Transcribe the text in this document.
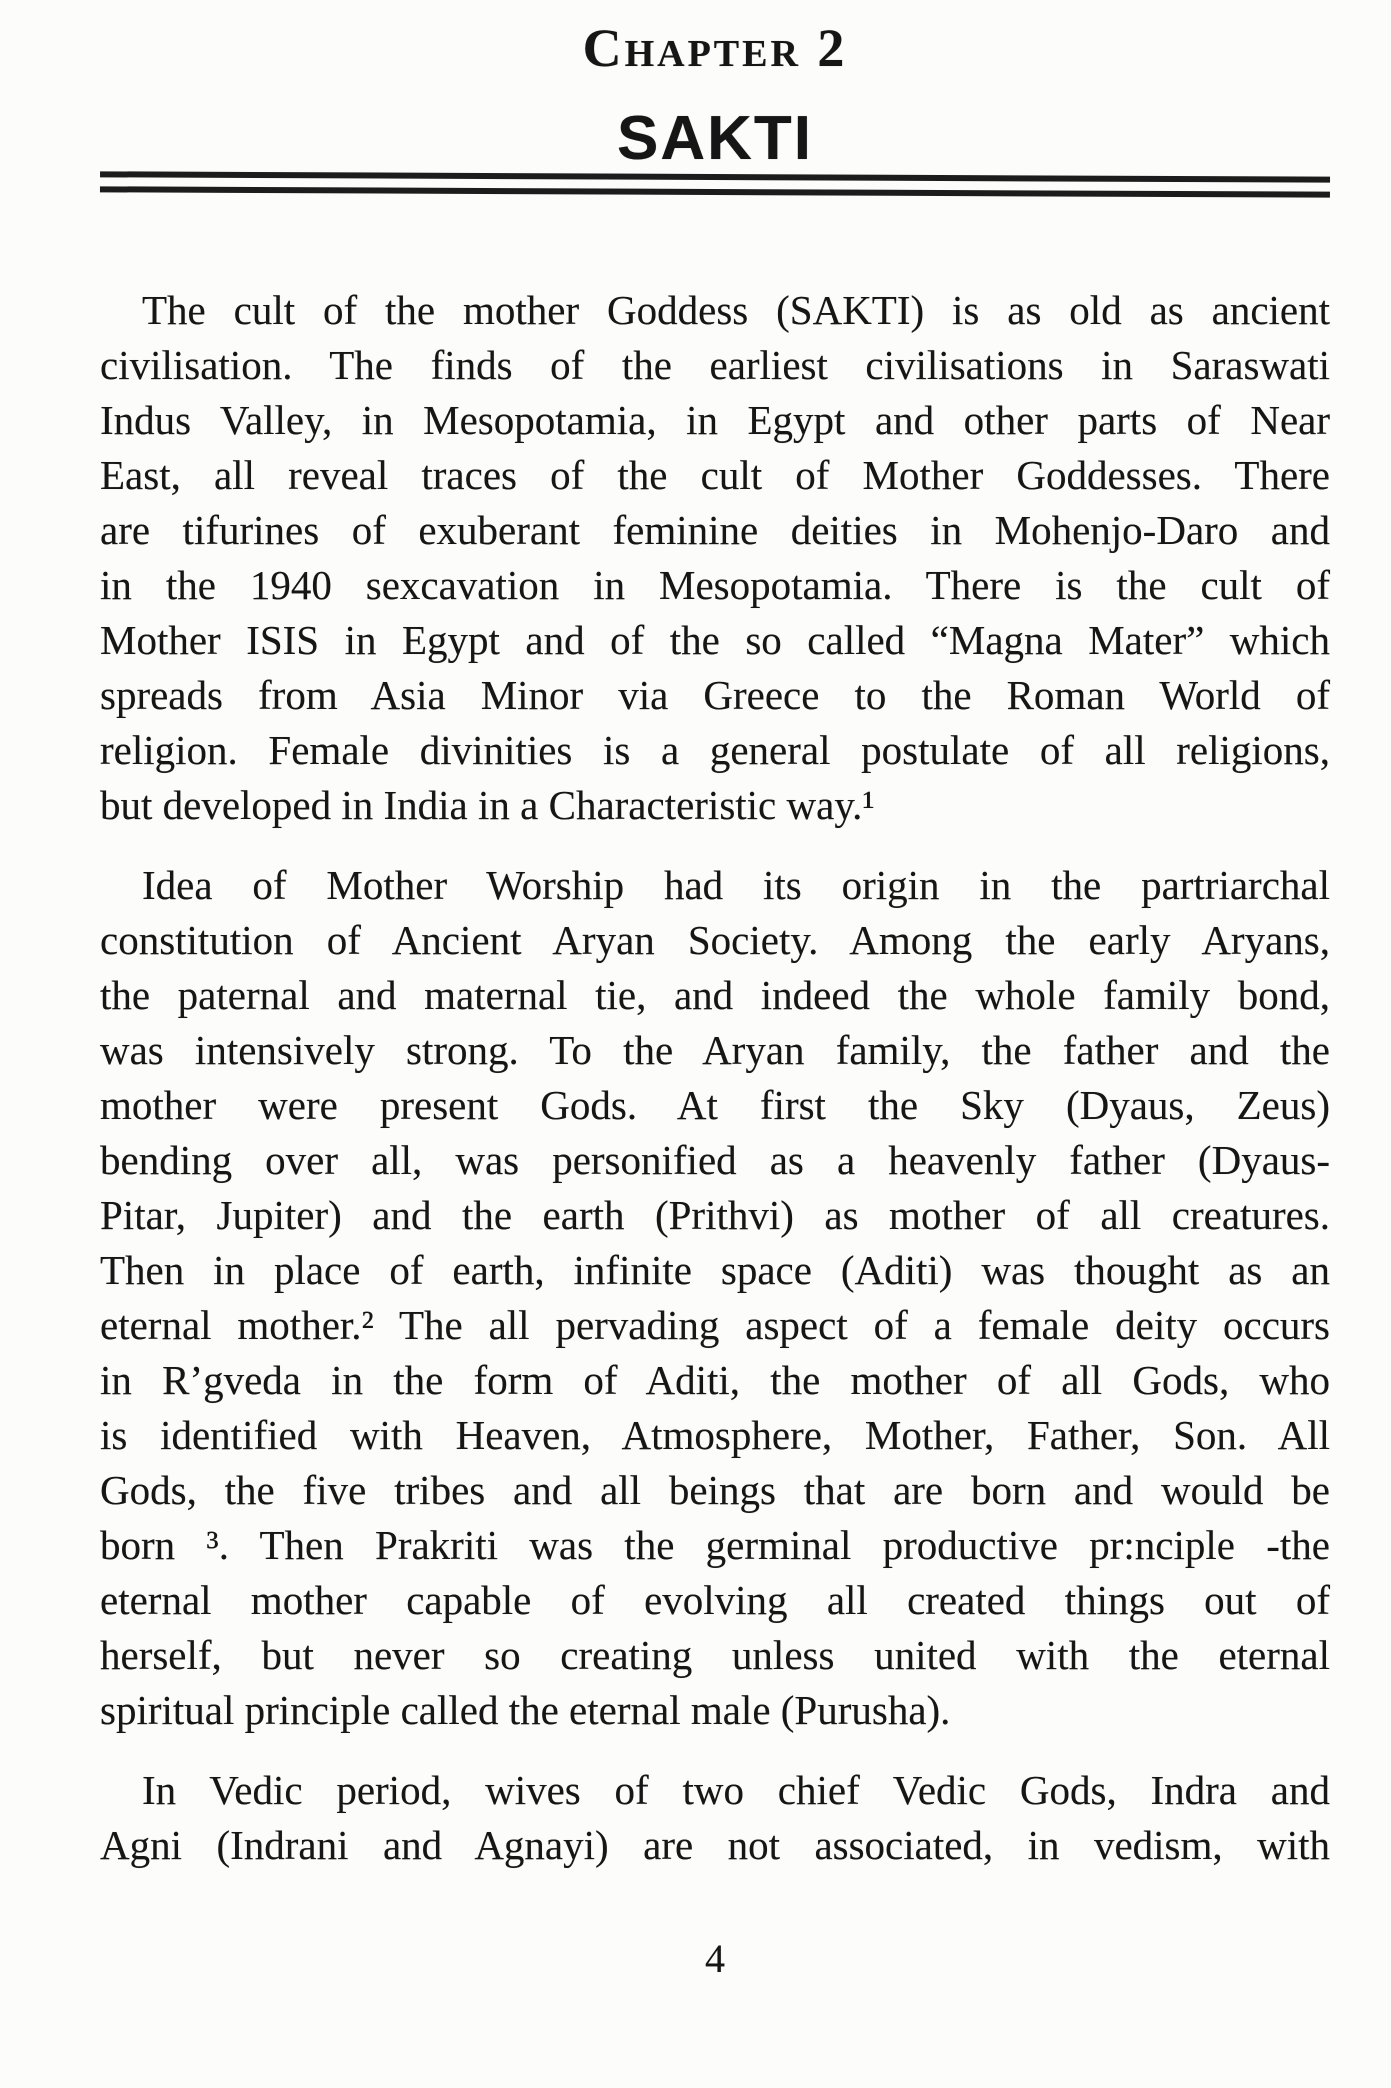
Chapter 2
SAKTI
The cult of the mother Goddess (SAKTI) is as old as ancient
civilisation. The finds of the earliest civilisations in Saraswati
Indus Valley, in Mesopotamia, in Egypt and other parts of Near
East, all reveal traces of the cult of Mother Goddesses. There
are tifurines of exuberant feminine deities in Mohenjo-Daro and
in the 1940 sexcavation in Mesopotamia. There is the cult of
Mother ISIS in Egypt and of the so called “Magna Mater” which
spreads from Asia Minor via Greece to the Roman World of
religion. Female divinities is a general postulate of all religions,
but developed in India in a Characteristic way.¹
Idea of Mother Worship had its origin in the partriarchal
constitution of Ancient Aryan Society. Among the early Aryans,
the paternal and maternal tie, and indeed the whole family bond,
was intensively strong. To the Aryan family, the father and the
mother were present Gods. At first the Sky (Dyaus, Zeus)
bending over all, was personified as a heavenly father (Dyaus-
Pitar, Jupiter) and the earth (Prithvi) as mother of all creatures.
Then in place of earth, infinite space (Aditi) was thought as an
eternal mother.² The all pervading aspect of a female deity occurs
in R’gveda in the form of Aditi, the mother of all Gods, who
is identified with Heaven, Atmosphere, Mother, Father, Son. All
Gods, the five tribes and all beings that are born and would be
born ³. Then Prakriti was the germinal productive pr:nciple -the
eternal mother capable of evolving all created things out of
herself, but never so creating unless united with the eternal
spiritual principle called the eternal male (Purusha).
In Vedic period, wives of two chief Vedic Gods, Indra and
Agni (Indrani and Agnayi) are not associated, in vedism, with
4
